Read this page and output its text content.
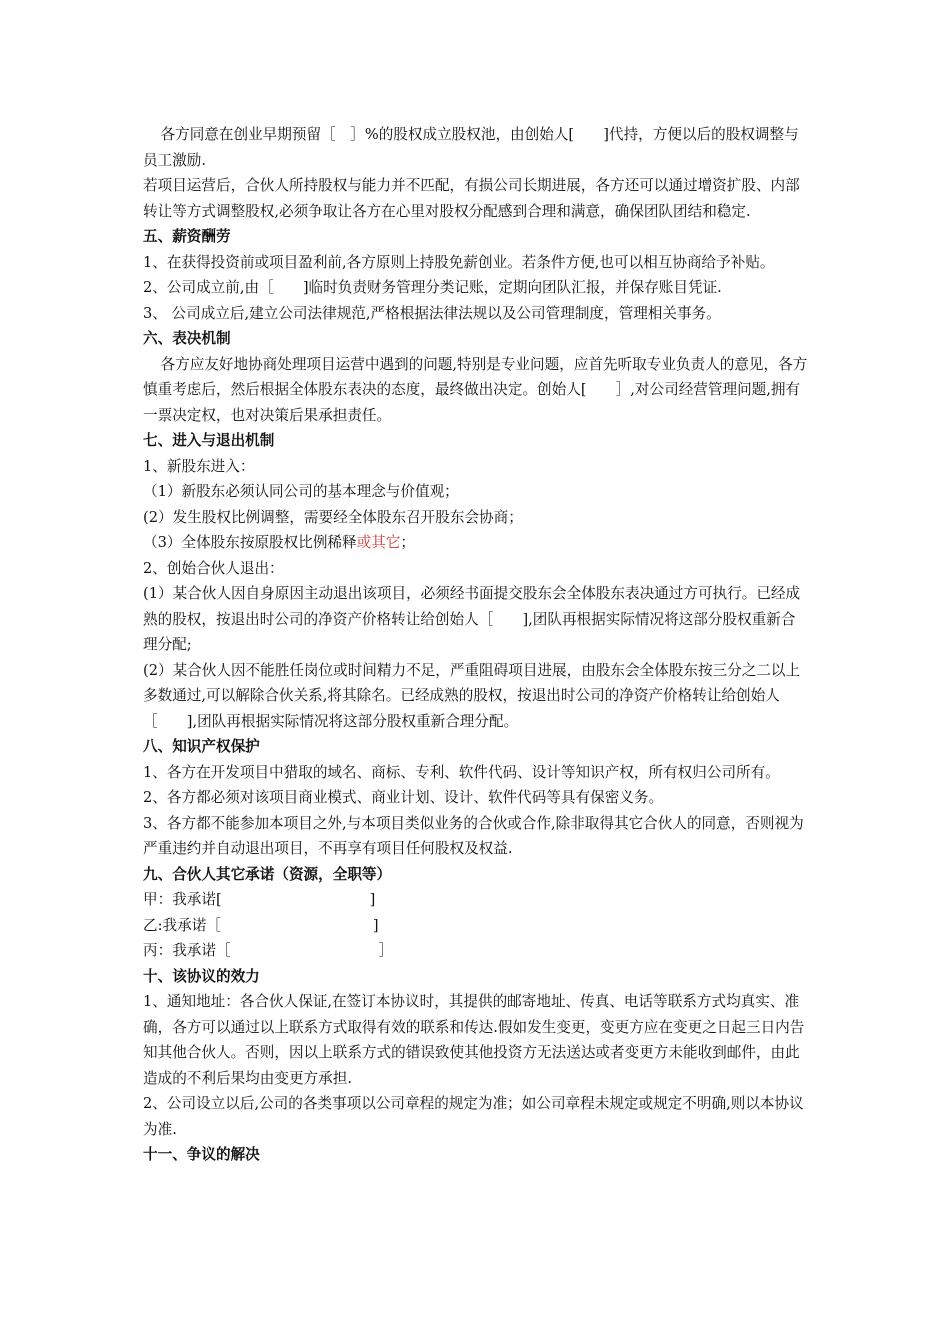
各方同意在创业早期预留［　］%的股权成立股权池，由创始人[　　]代持，方便以后的股权调整与员工激励.

若项目运营后，合伙人所持股权与能力并不匹配，有损公司长期进展，各方还可以通过增资扩股、内部转让等方式调整股权,必须争取让各方在心里对股权分配感到合理和满意，确保团队团结和稳定.

五、薪资酬劳

1、在获得投资前或项目盈利前,各方原则上持股免薪创业。若条件方便,也可以相互协商给予补贴。

2、公司成立前,由［　　]临时负责财务管理分类记账，定期向团队汇报，并保存账目凭证.

3、 公司成立后,建立公司法律规范,严格根据法律法规以及公司管理制度，管理相关事务。

六、表决机制

各方应友好地协商处理项目运营中遇到的问题,特别是专业问题，应首先听取专业负责人的意见，各方慎重考虑后，然后根据全体股东表决的态度，最终做出决定。创始人[　　］,对公司经营管理问题,拥有一票决定权，也对决策后果承担责任。

七、进入与退出机制

1、新股东进入：

（1）新股东必须认同公司的基本理念与价值观；

(2）发生股权比例调整，需要经全体股东召开股东会协商；

（3）全体股东按原股权比例稀释或其它；

2、创始合伙人退出：

(1）某合伙人因自身原因主动退出该项目，必须经书面提交股东会全体股东表决通过方可执行。已经成熟的股权，按退出时公司的净资产价格转让给创始人［　　],团队再根据实际情况将这部分股权重新合理分配;

(2）某合伙人因不能胜任岗位或时间精力不足，严重阻碍项目进展，由股东会全体股东按三分之二以上多数通过,可以解除合伙关系,将其除名。已经成熟的股权，按退出时公司的净资产价格转让给创始人［　　],团队再根据实际情况将这部分股权重新合理分配。

八、知识产权保护

1、各方在开发项目中猎取的域名、商标、专利、软件代码、设计等知识产权，所有权归公司所有。

2、各方都必须对该项目商业模式、商业计划、设计、软件代码等具有保密义务。

3、各方都不能参加本项目之外,与本项目类似业务的合伙或合作,除非取得其它合伙人的同意，否则视为严重违约并自动退出项目，不再享有项目任何股权及权益.

九、合伙人其它承诺（资源，全职等）

甲：我承诺[	]

乙:我承诺［	]

丙：我承诺［	］

十、该协议的效力

1、通知地址：各合伙人保证,在签订本协议时，其提供的邮寄地址、传真、电话等联系方式均真实、准确，各方可以通过以上联系方式取得有效的联系和传达.假如发生变更，变更方应在变更之日起三日内告知其他合伙人。否则，因以上联系方式的错误致使其他投资方无法送达或者变更方未能收到邮件，由此造成的不利后果均由变更方承担.

2、公司设立以后,公司的各类事项以公司章程的规定为准；如公司章程未规定或规定不明确,则以本协议为准.

十一、争议的解决
